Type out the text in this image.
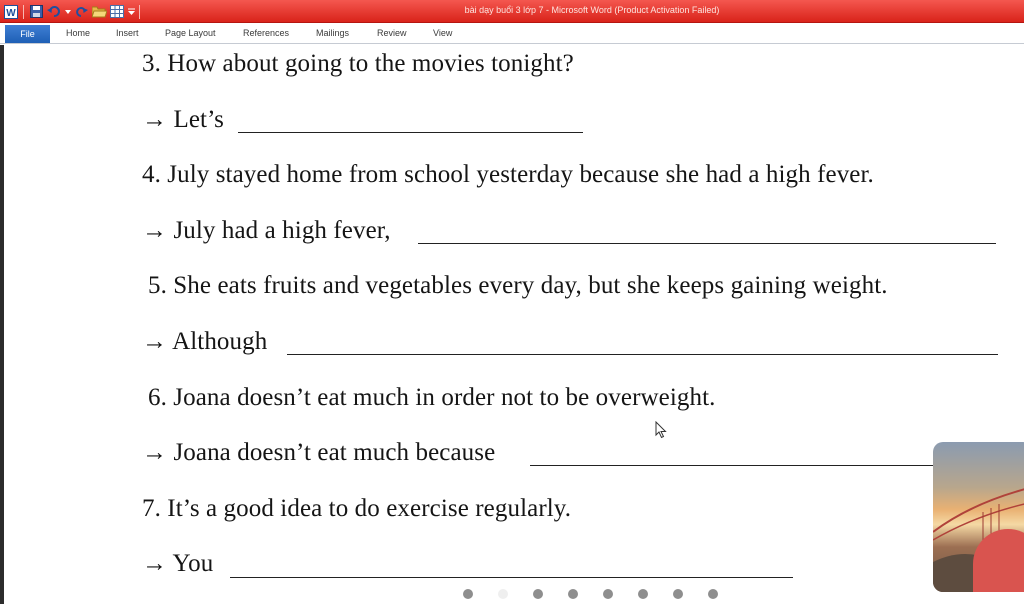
W	bài dạy buổi 3 lớp 7 - Microsoft Word (Product Activation Failed)
File	Home	Insert	Page Layout	References	Mailings	Review	View
3. How about going to the movies tonight?
→ Let’s
4. July stayed home from school yesterday because she had a high fever.
→ July had a high fever,
5. She eats fruits and vegetables every day, but she keeps gaining weight.
→ Although
6. Joana doesn’t eat much in order not to be overweight.
→ Joana doesn’t eat much because
7. It’s a good idea to do exercise regularly.
→ You
